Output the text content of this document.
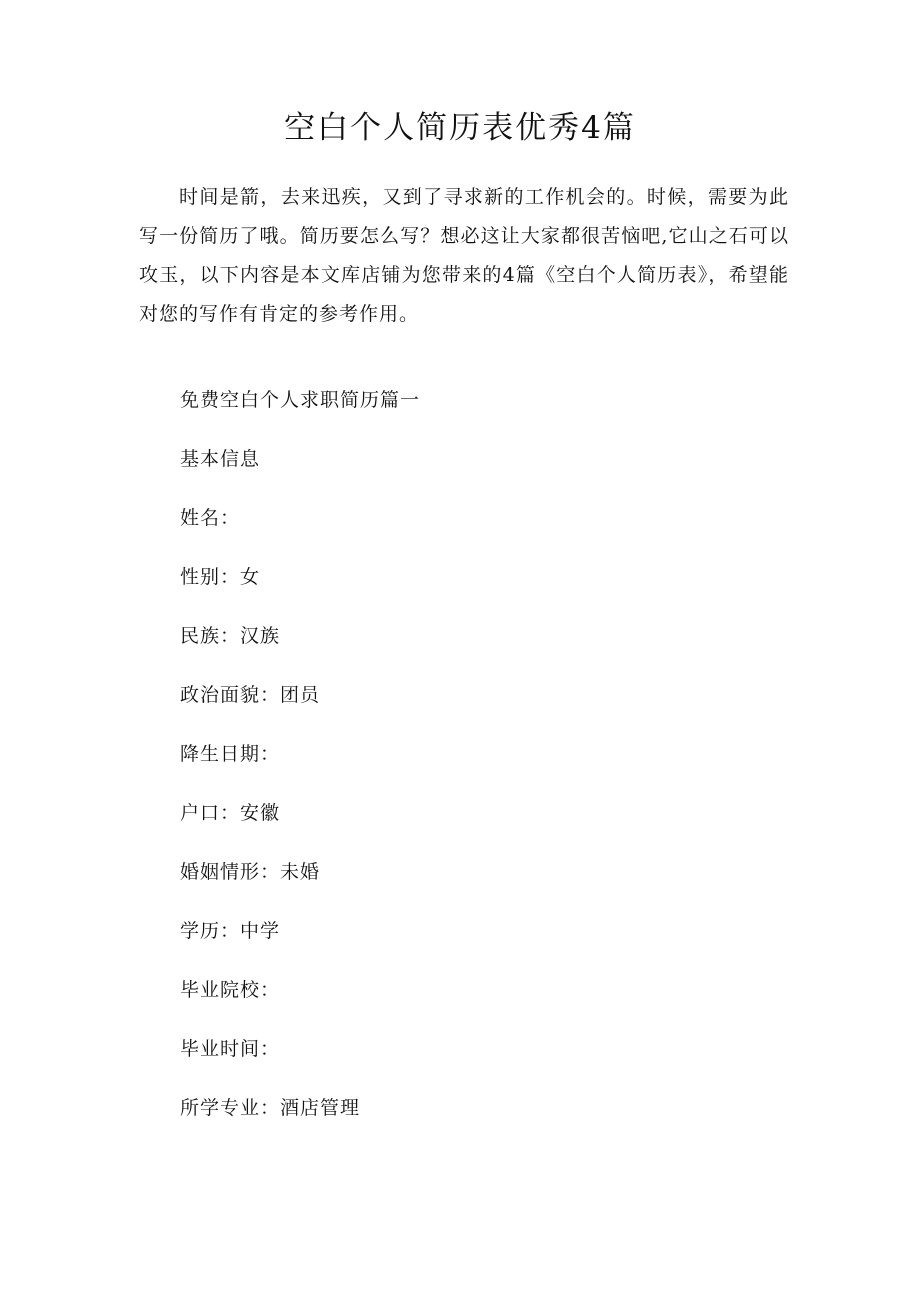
空白个人简历表优秀4篇

时间是箭，去来迅疾，又到了寻求新的工作机会的。时候，需要为此写一份简历了哦。简历要怎么写？想必这让大家都很苦恼吧,它山之石可以攻玉，以下内容是本文库店铺为您带来的4篇《空白个人简历表》，希望能对您的写作有肯定的参考作用。

免费空白个人求职简历篇一

基本信息

姓名：

性别：女

民族：汉族

政治面貌：团员

降生日期：

户口：安徽

婚姻情形：未婚

学历：中学

毕业院校：

毕业时间：

所学专业：酒店管理
